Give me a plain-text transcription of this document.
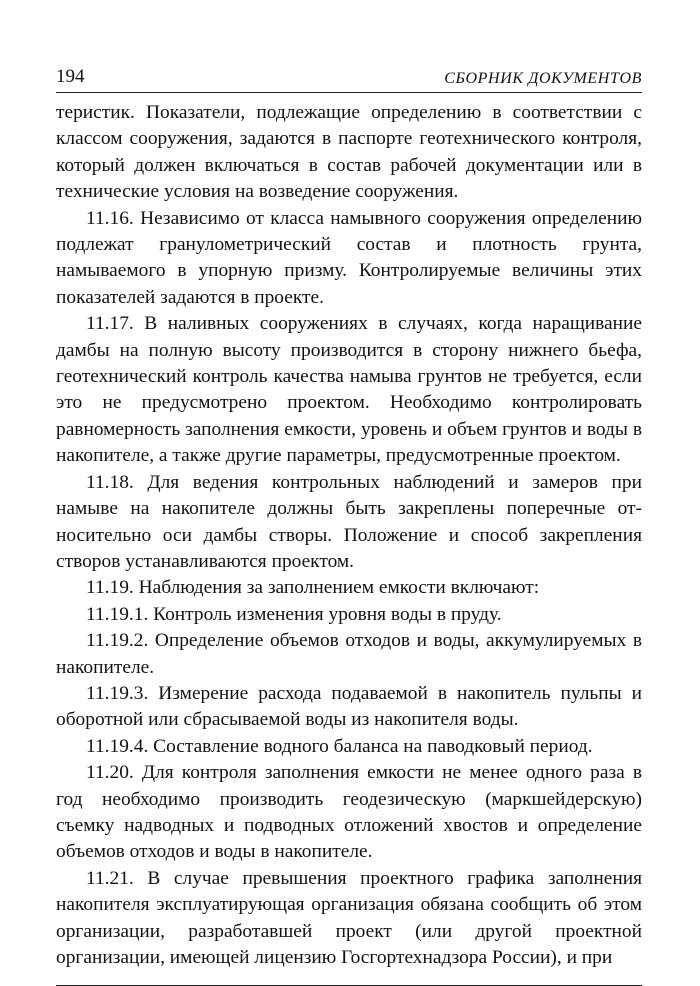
194	СБОРНИК ДОКУМЕНТОВ

теристик. Показатели, подлежащие определению в соответствии с классом сооружения, задаются в паспорте геотехнического контроля, который должен включаться в состав рабочей документации или в технические условия на возведение сооружения.

11.16. Независимо от класса намывного сооружения определению подлежат гранулометрический состав и плотность грунта, намываемого в упорную призму. Контролируемые величины этих показателей задаются в проекте.

11.17. В наливных сооружениях в случаях, когда наращивание дамбы на полную высоту производится в сторону нижнего бьефа, геотехнический контроль качества намыва грунтов не требуется, если это не предусмотрено проектом. Необходимо контролировать равномерность заполнения емкости, уровень и объем грунтов и воды в накопителе, а также другие параметры, предусмотренные проектом.

11.18. Для ведения контрольных наблюдений и замеров при намыве на накопителе должны быть закреплены поперечные относительно оси дамбы створы. Положение и способ закрепления створов устанавливаются проектом.

11.19. Наблюдения за заполнением емкости включают:

11.19.1. Контроль изменения уровня воды в пруду.

11.19.2. Определение объемов отходов и воды, аккумулируемых в накопителе.

11.19.3. Измерение расхода подаваемой в накопитель пульпы и оборотной или сбрасываемой воды из накопителя воды.

11.19.4. Составление водного баланса на паводковый период.

11.20. Для контроля заполнения емкости не менее одного раза в год необходимо производить геодезическую (маркшейдерскую) съемку надводных и подводных отложений хвостов и определение объемов отходов и воды в накопителе.

11.21. В случае превышения проектного графика заполнения накопителя эксплуатирующая организация обязана сообщить об этом организации, разработавшей проект (или другой проектной организации, имеющей лицензию Госгортехнадзора России), и при
